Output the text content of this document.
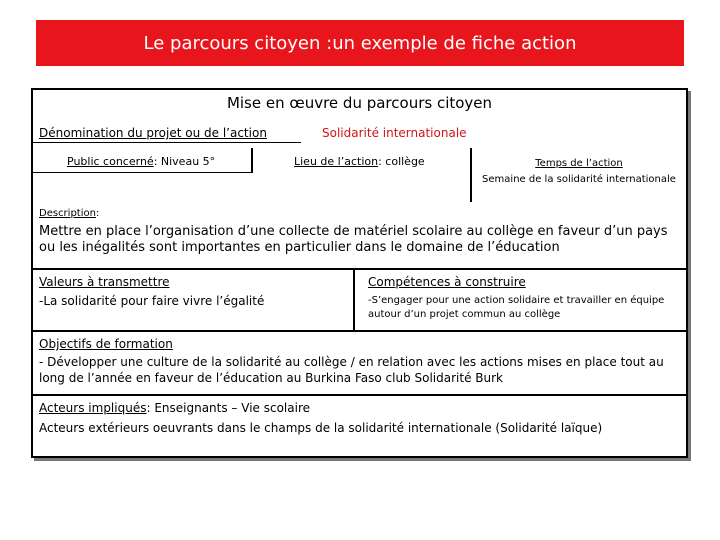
Le parcours citoyen :un exemple de fiche action
Mise en œuvre du parcours citoyen
Dénomination du projet ou de l’action	Solidarité internationale
Public concerné: Niveau 5°	Lieu de l’action: collège	Temps de l’action
Semaine de la solidarité internationale
Description:
Mettre en place l’organisation d’une collecte de matériel scolaire au collège en faveur d’un pays ou les inégalités sont importantes en particulier dans le domaine de l’éducation
Valeurs à transmettre
-La solidarité pour faire vivre l’égalité
Compétences à construire
-S’engager pour une action solidaire et travailler en équipe autour d’un projet commun au collège
Objectifs de formation
- Développer une culture de la solidarité au collège / en relation avec les actions mises en place tout au long de l’année en faveur de l’éducation au Burkina Faso club Solidarité Burk
Acteurs impliqués: Enseignants – Vie scolaire
Acteurs extérieurs oeuvrants dans le champs de la solidarité internationale (Solidarité laïque)
